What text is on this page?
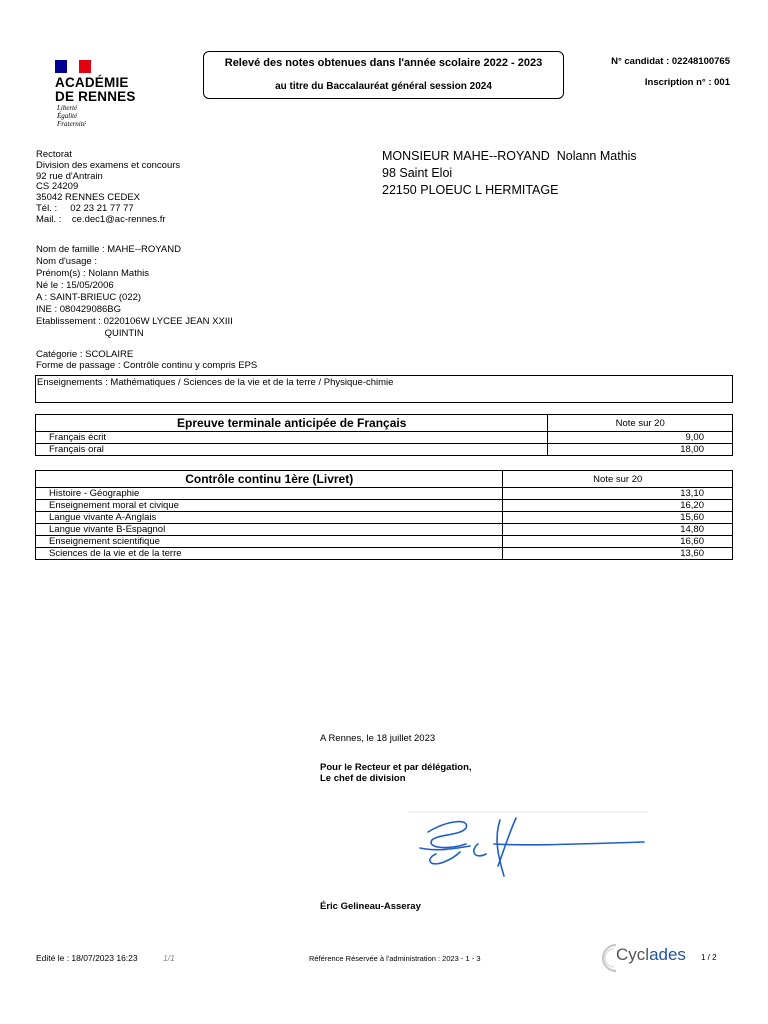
ACADÉMIE
DE RENNES
Liberté
Égalité
Fraternité
Relevé des notes obtenues dans l'année scolaire 2022 - 2023
au titre du Baccalauréat général session 2024
N° candidat : 02248100765
Inscription n° : 001
Rectorat
Division des examens et concours
92 rue d'Antrain
CS 24209
35042 RENNES CEDEX
Tél. :     02 23 21 77 77
Mail. :    ce.dec1@ac-rennes.fr
MONSIEUR MAHE--ROYAND  Nolann Mathis
98 Saint Eloi
22150 PLOEUC L HERMITAGE
Nom de famille : MAHE--ROYAND
Nom d'usage :
Prénom(s) : Nolann Mathis
Né le : 15/05/2006
A : SAINT-BRIEUC (022)
INE : 080429086BG
Etablissement : 0220106W LYCEE JEAN XXIII
QUINTIN
Catégorie : SCOLAIRE
Forme de passage : Contrôle continu y compris EPS
Enseignements : Mathématiques / Sciences de la vie et de la terre / Physique-chimie
Epreuve terminale anticipée de Français	Note sur 20
Français écrit	9,00
Français oral	18,00
Contrôle continu 1ère (Livret)	Note sur 20
Histoire - Géographie	13,10
Enseignement moral et civique	16,20
Langue vivante A-Anglais	15,60
Langue vivante B-Espagnol	14,80
Enseignement scientifique	16,60
Sciences de la vie et de la terre	13,60
A Rennes, le 18 juillet 2023
Pour le Recteur et par délégation,
Le chef de division
Éric Gelineau-Asseray
Edité le : 18/07/2023 16:23	1/1	Référence Réservée à l'administration : 2023 - 1 - 3	Cyclades 1 / 2
